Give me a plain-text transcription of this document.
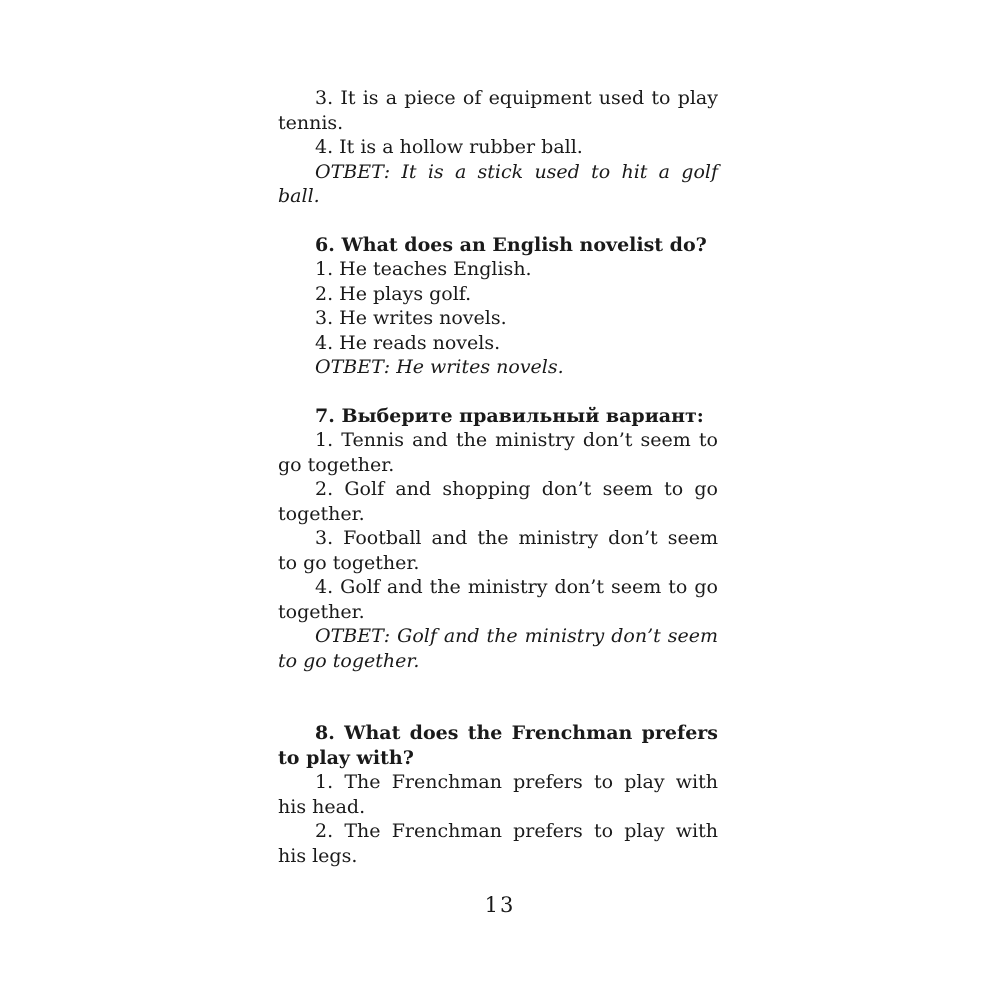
3. It is a piece of equipment used to play tennis.

4. It is a hollow rubber ball.

ОТВЕТ: It is a stick used to hit a golf ball.

6. What does an English novelist do?

1. He teaches English.

2. He plays golf.

3. He writes novels.

4. He reads novels.

ОТВЕТ: He writes novels.

7. Выберите правильный вариант:

1. Tennis and the ministry don’t seem to go together.

2. Golf and shopping don’t seem to go together.

3. Football and the ministry don’t seem to go together.

4. Golf and the ministry don’t seem to go together.

ОТВЕТ: Golf and the ministry don’t seem to go together.

8. What does the Frenchman prefers to play with?

1. The Frenchman prefers to play with his head.

2. The Frenchman prefers to play with his legs.

13
